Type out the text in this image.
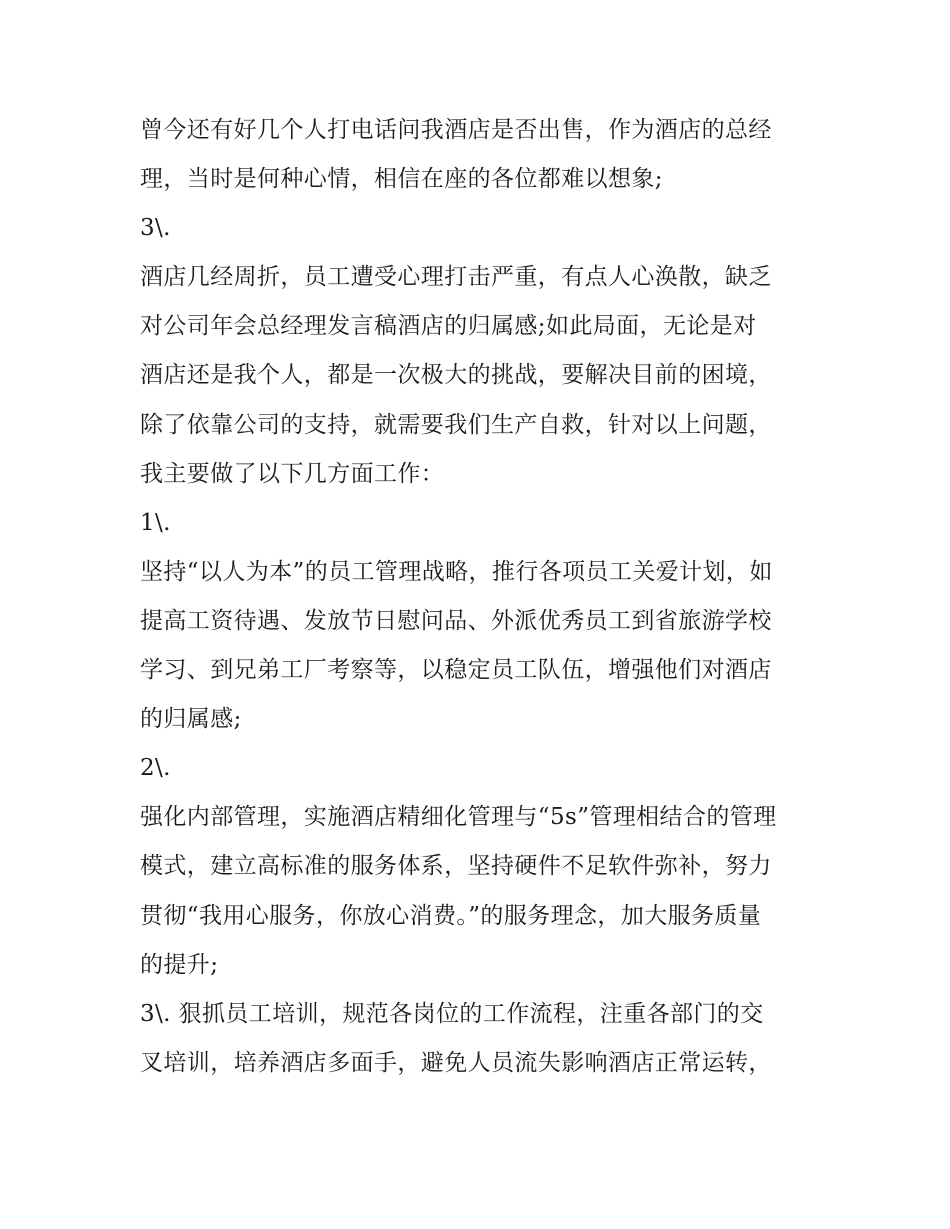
曾今还有好几个人打电话问我酒店是否出售，作为酒店的总经
理，当时是何种心情，相信在座的各位都难以想象;
3\.
酒店几经周折，员工遭受心理打击严重，有点人心涣散，缺乏
对公司年会总经理发言稿酒店的归属感;如此局面，无论是对
酒店还是我个人，都是一次极大的挑战，要解决目前的困境，
除了依靠公司的支持，就需要我们生产自救，针对以上问题，
我主要做了以下几方面工作：
1\.
坚持“以人为本”的员工管理战略，推行各项员工关爱计划，如
提高工资待遇、发放节日慰问品、外派优秀员工到省旅游学校
学习、到兄弟工厂考察等，以稳定员工队伍，增强他们对酒店
的归属感;
2\.
强化内部管理，实施酒店精细化管理与“5s”管理相结合的管理
模式，建立高标准的服务体系，坚持硬件不足软件弥补，努力
贯彻“我用心服务，你放心消费。”的服务理念，加大服务质量
的提升;
3\. 狠抓员工培训，规范各岗位的工作流程，注重各部门的交
叉培训，培养酒店多面手，避免人员流失影响酒店正常运转，
